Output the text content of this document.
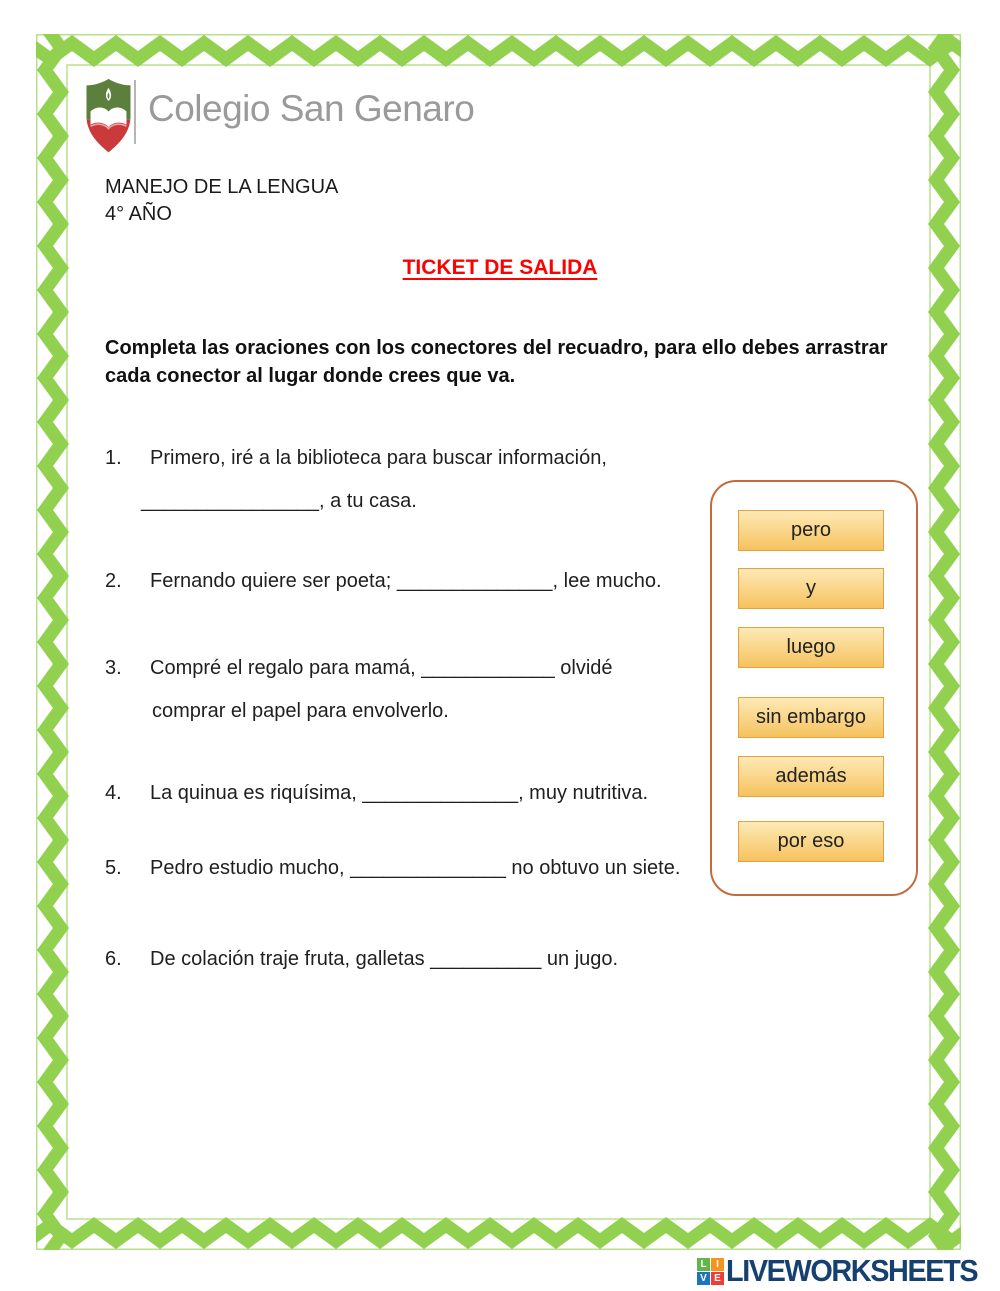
Colegio San Genaro
MANEJO DE LA LENGUA
4° AÑO
TICKET DE SALIDA
Completa las oraciones con los conectores del recuadro, para ello debes arrastrar cada conector al lugar donde crees que va.
1. Primero, iré a la biblioteca para buscar información,
________________, a tu casa.
2. Fernando quiere ser poeta; ______________, lee mucho.
3. Compré el regalo para mamá, ____________ olvidé
comprar el papel para envolverlo.
4. La quinua es riquísima, ______________, muy nutritiva.
5. Pedro estudio mucho, ______________ no obtuvo un siete.
6. De colación traje fruta, galletas __________ un jugo.
pero
y
luego
sin embargo
además
por eso
L I
V E LIVEWORKSHEETS
